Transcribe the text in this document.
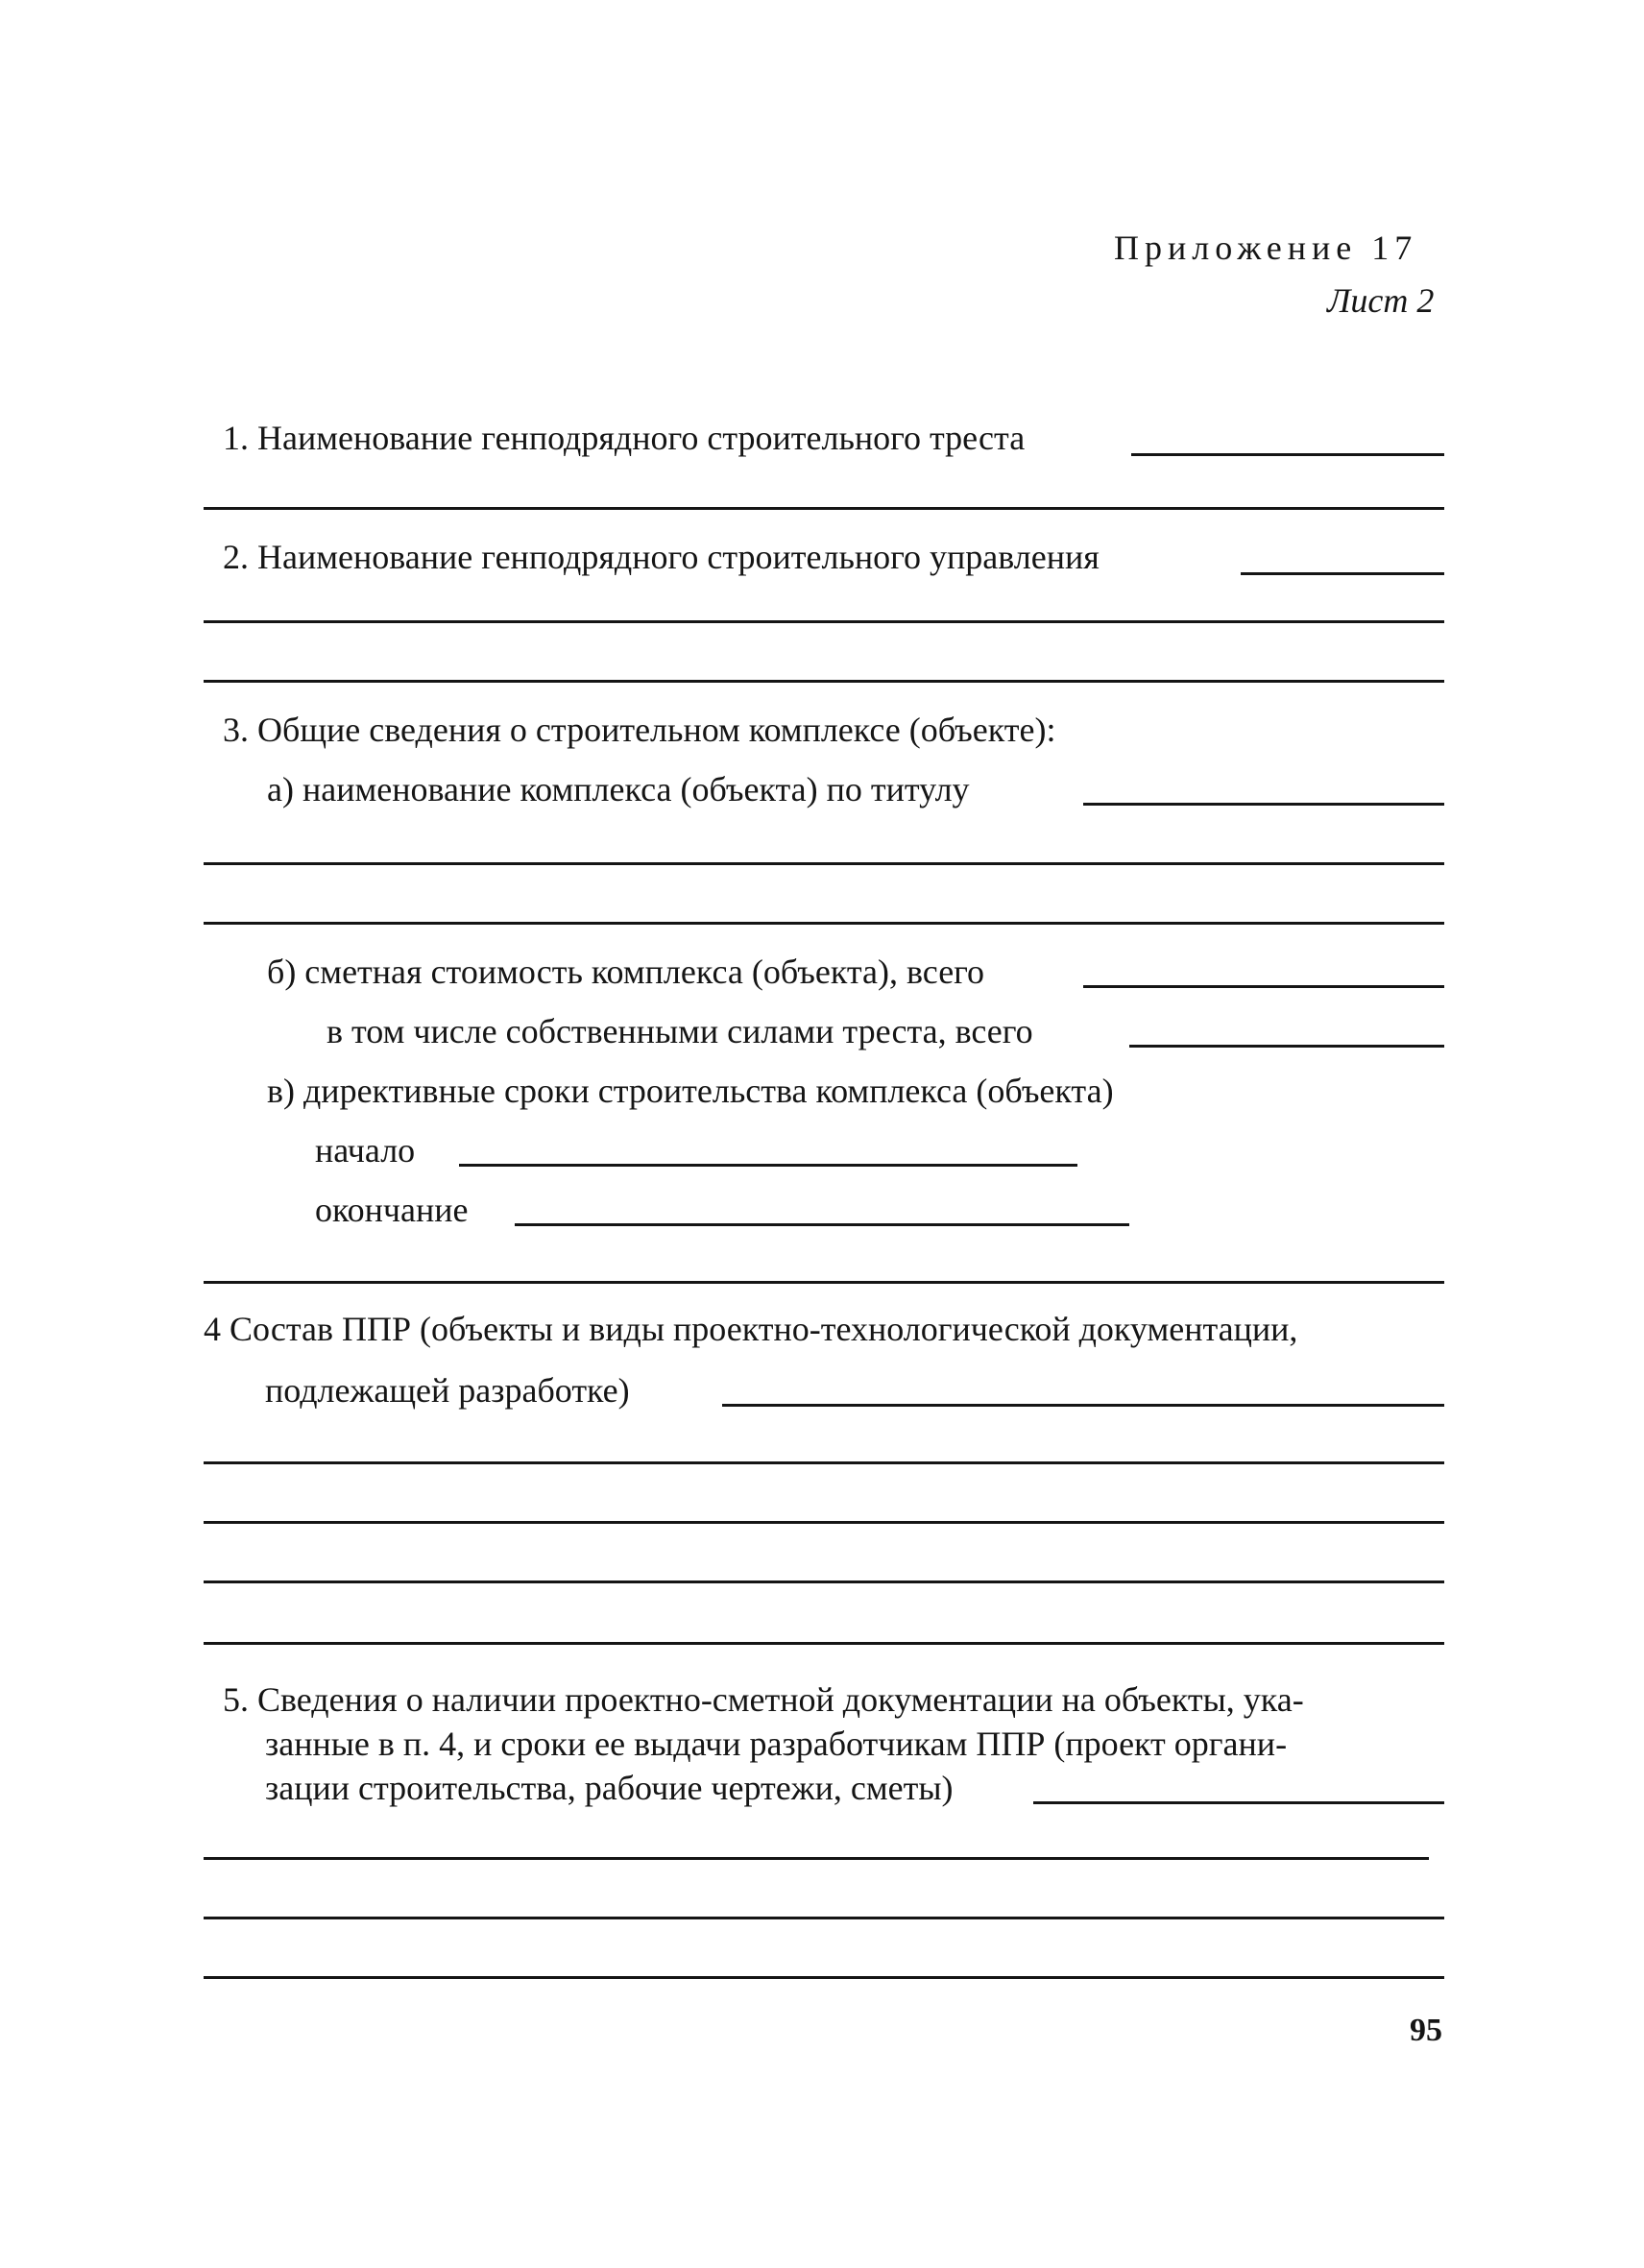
Приложение 17
Лист 2
1. Наименование генподрядного строительного треста
2. Наименование генподрядного строительного управления
3. Общие сведения о строительном комплексе (объекте):
а) наименование комплекса (объекта) по титулу
б) сметная стоимость комплекса (объекта), всего
в том числе собственными силами треста, всего
в) директивные сроки строительства комплекса (объекта)
начало
окончание
4 Состав ППР (объекты и виды проектно-технологической документации,
подлежащей разработке)
5. Сведения о наличии проектно-сметной документации на объекты, ука-
занные в п. 4, и сроки ее выдачи разработчикам ППР (проект органи-
зации строительства, рабочие чертежи, сметы)
95
